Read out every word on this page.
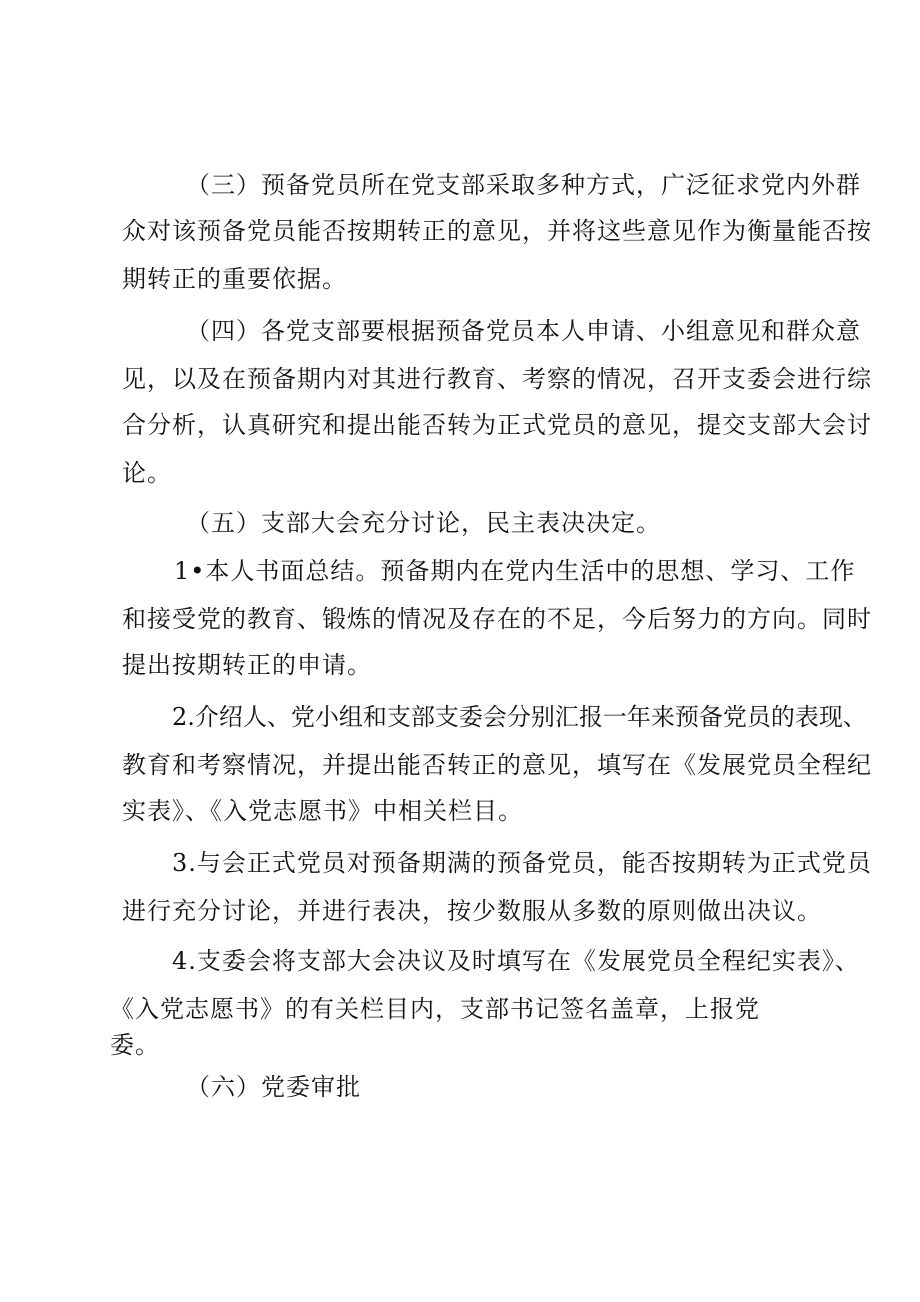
（三）预备党员所在党支部采取多种方式，广泛征求党内外群
众对该预备党员能否按期转正的意见，并将这些意见作为衡量能否按
期转正的重要依据。
（四）各党支部要根据预备党员本人申请、小组意见和群众意
见，以及在预备期内对其进行教育、考察的情况，召开支委会进行综
合分析，认真研究和提出能否转为正式党员的意见，提交支部大会讨
论。
（五）支部大会充分讨论，民主表决决定。
1•本人书面总结。预备期内在党内生活中的思想、学习、工作
和接受党的教育、锻炼的情况及存在的不足，今后努力的方向。同时
提出按期转正的申请。
2.介绍人、党小组和支部支委会分别汇报一年来预备党员的表现、
教育和考察情况，并提出能否转正的意见，填写在《发展党员全程纪
实表》、《入党志愿书》中相关栏目。
3.与会正式党员对预备期满的预备党员，能否按期转为正式党员
进行充分讨论，并进行表决，按少数服从多数的原则做出决议。
4.支委会将支部大会决议及时填写在《发展党员全程纪实表》、
《入党志愿书》的有关栏目内，支部书记签名盖章，上报党
委。
（六）党委审批
